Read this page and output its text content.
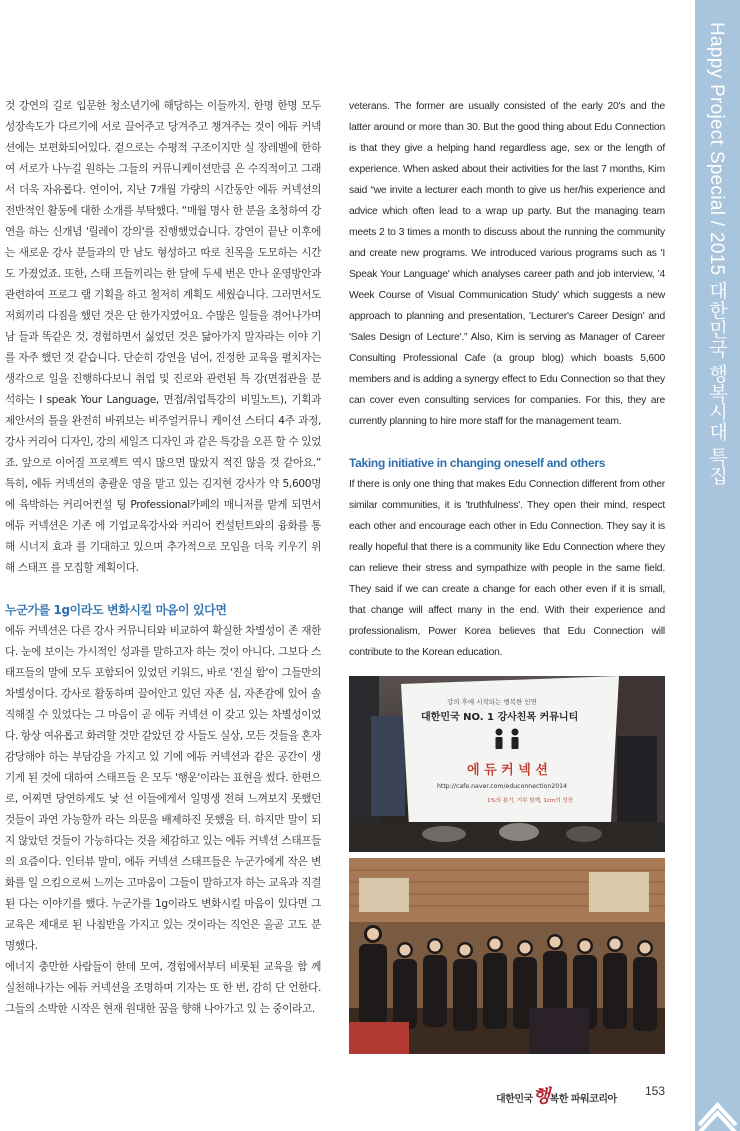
Happy Project Special / 2015 대한민국 행복시대 특집

것 강연의 길로 입문한 청소년기에 해당하는 이들까지. 한명 한명 모두 성장속도가 다르기에 서로 끌어주고 당겨주고 챙겨주는 것이 에듀 커넥션에는 보편화되어있다. 겉으로는 수평적 구조이지만 실 장레벨에 한하여 서로가 나누길 원하는 그들의 커뮤니케이션만큼 은 수직적이고 그래서 더욱 자유롭다. 연이어, 지난 7개월 가량의 시간동안 에듀 커넥션의 전반적인 활동에 대한 소개를 부탁했다. “매월 명사 한 분을 초청하여 강연을 하는 신개념 '릴레이 강의'를 진행했었습니다. 강연이 끝난 이후에는 새로운 강사 분들과의 만 남도 형성하고 따로 친목을 도모하는 시간도 가졌었죠. 또한, 스태 프들끼리는 한 달에 두세 번은 만나 운영방안과 관련하여 프로그 램 기획을 하고 철저히 계획도 세웠습니다. 그러면서도 저희끼리 다짐을 했던 것은 단 한가지였어요. 수많은 일들을 겪어나가며 남 들과 똑같은 것, 경험하면서 싫었던 것은 닮아가지 말자라는 이야 기를 자주 했던 것 같습니다. 단순히 강연을 넘어, 진정한 교육을 펼치자는 생각으로 일을 진행하다보니 취업 및 진로와 관련된 특 강(면접관을 분석하는 I speak Your Language, 면접/취업특강의 비밀노트), 기획과 제안서의 틀을 완전히 바꿔보는 비주얼커뮤니 케이션 스터디 4주 과정, 강사 커리어 디자인, 강의 세일즈 디자인 과 같은 특강을 오픈 할 수 있었죠. 앞으로 이어질 프로젝트 역시 많으면 많았지 적진 않을 것 같아요.” 특히, 에듀 커넥션의 총괄운 영을 맡고 있는 김지현 강사가 약 5,600명에 육박하는 커리어컨설 팅 Professional카페의 매니저를 맡게 되면서 에듀 커넥션은 기존 에 기업교육강사와 커리어 컨설턴트와의 융화를 통해 시너지 효과 를 기대하고 있으며 추가적으로 모임을 더욱 키우기 위해 스태프 를 모집할 계획이다.

누군가를 1g이라도 변화시킬 마음이 있다면

에듀 커넥션은 다른 강사 커뮤니티와 비교하여 확실한 차별성이 존 재한다. 눈에 보이는 가시적인 성과를 말하고자 하는 것이 아니다. 그보다 스태프들의 말에 모두 포함되어 있었던 키워드, 바로 '진실 함'이 그들만의 차별성이다. 강사로 활동하며 끌어안고 있던 자존 심, 자존감에 있어 솔직해질 수 있었다는 그 마음이 곧 에듀 커넥션 이 갖고 있는 차별성이었다. 항상 여유롭고 화려할 것만 같았던 강 사들도 실상, 모든 것들을 혼자 감당해야 하는 부담감을 가지고 있 기에 에듀 커넥션과 같은 공간이 생기게 된 것에 대하여 스태프들 은 모두 '행운'이라는 표현을 썼다. 한편으로, 어찌면 당연하게도 낯 선 이들에게서 일명생 전혀 느껴보지 못했던 것들이 과연 가능할까 라는 의문을 배제하진 못했을 터. 하지만 말이 되지 않았던 것들이 가능하다는 것을 체감하고 있는 에듀 커넥션 스태프들의 요즘이다. 인터뷰 말미, 에듀 커넥션 스태프들은 누군가에게 작은 변화를 일 으킴으로써 느끼는 고마움이 그들이 말하고자 하는 교육과 직결된 다는 이야기를 했다. 누군가를 1g이라도 변화시킬 마음이 있다면 그 교육은 제대로 된 나침반을 가지고 있는 것이라는 직언은 올곧 고도 분명했다.

에너지 충만한 사람들이 한데 모여, 경험에서부터 비롯된 교육을 함 께 실천해나가는 에듀 커넥션을 조명하며 기자는 또 한 번, 감히 단 언한다. 그들의 소박한 시작은 현재 원대한 꿈을 향해 나아가고 있 는 중이라고.

veterans. The former are usually consisted of the early 20's and the latter around or more than 30. But the good thing about Edu Connection is that they give a helping hand regardless age, sex or the length of experience. When asked about their activities for the last 7 months, Kim said “we invite a lecturer each month to give us her/his experience and advice which often lead to a wrap up party. But the managing team meets 2 to 3 times a month to discuss about the running the community and create new programs. We introduced various programs such as 'I Speak Your Language' which analyses career path and job interview, '4 Week Course of Visual Communication Study' which suggests a new approach to planning and presentation, 'Lecturer's Career Design' and 'Sales Design of Lecture'.” Also, Kim is serving as Manager of Career Consulting Professional Cafe (a group blog) which boasts 5,600 members and is adding a synergy effect to Edu Connection so that they can cover even consulting services for companies. For this, they are currently planning to hire more staff for the management team.

Taking initiative in changing oneself and others

If there is only one thing that makes Edu Connection different from other similar communities, it is 'truthfulness'. They open their mind, respect each other and encourage each other in Edu Connection. They say it is really hopeful that there is a community like Edu Connection where they can relieve their stress and sympathize with people in the same field. They said if we can create a change for each other even if it is small, that change will affect many in the end. With their experience and professionalism, Power Korea believes that Edu Connection will contribute to the Korean education.

강의 후에 시작되는 행복한 인연
대한민국 NO. 1 강사친목 커뮤니티
에 듀 커 넥 션
http://cafe.naver.com/educonnection2014
1%의 용기, 기부 함께, 1cm의 성장
대한민국행복한 파워코리아
153
